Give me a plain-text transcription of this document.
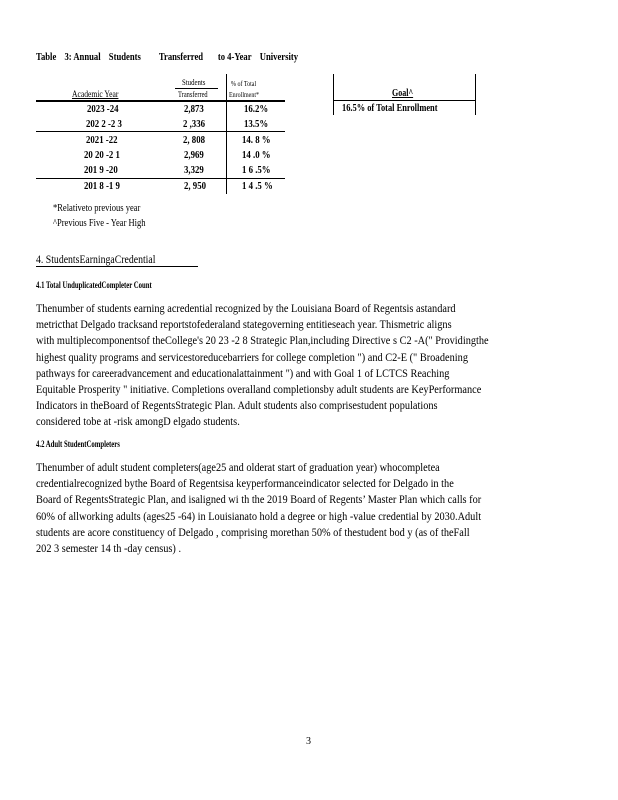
Table 3: Annual Students Transferred to 4-Year University
Academic Year
Students
Transferred
% of Total
Enrollment*
2023 -24	2,873	16.2%
202 2 -2 3	2 ,336	13.5%
2021 -22	2, 808	14. 8 %
20 20 -2 1	2,969	14 .0 %
201 9 -20	3,329	1 6 .5%
201 8 -1 9	2, 950	1 4 .5 %
Goal^
16.5% of Total Enrollment
*Relativeto previous year
^Previous Five - Year High
4. StudentsEarningaCredential
4.1 Total UnduplicatedCompleter Count
Thenumber of students earning acredential recognized by the Louisiana Board of Regentsis astandard
metricthat Delgado tracksand reportstofederaland stategoverning entitieseach year. Thismetric aligns
with multiplecomponentsof theCollege's 20 23 -2 8 Strategic Plan,including Directive s C2 -A(" Providingthe
highest quality programs and servicestoreducebarriers for college completion ") and C2-E (" Broadening
pathways for careeradvancement and educationalattainment ") and with Goal 1 of LCTCS Reaching
Equitable Prosperity " initiative. Completions overalland completionsby adult students are KeyPerformance
Indicators in theBoard of RegentsStrategic Plan. Adult students also comprisestudent populations
considered tobe at -risk amongD elgado students.
4.2 Adult StudentCompleters
Thenumber of adult student completers(age25 and olderat start of graduation year) whocompletea
credentialrecognized bythe Board of Regentsisa keyperformanceindicator selected for Delgado in the
Board of RegentsStrategic Plan, and isaligned wi th the 2019 Board of Regents’ Master Plan which calls for
60% of allworking adults (ages25 -64) in Louisianato hold a degree or high -value credential by 2030.Adult
students are acore constituency of Delgado , comprising morethan 50% of thestudent bod y (as of theFall
202 3 semester 14 th -day census) .
3
